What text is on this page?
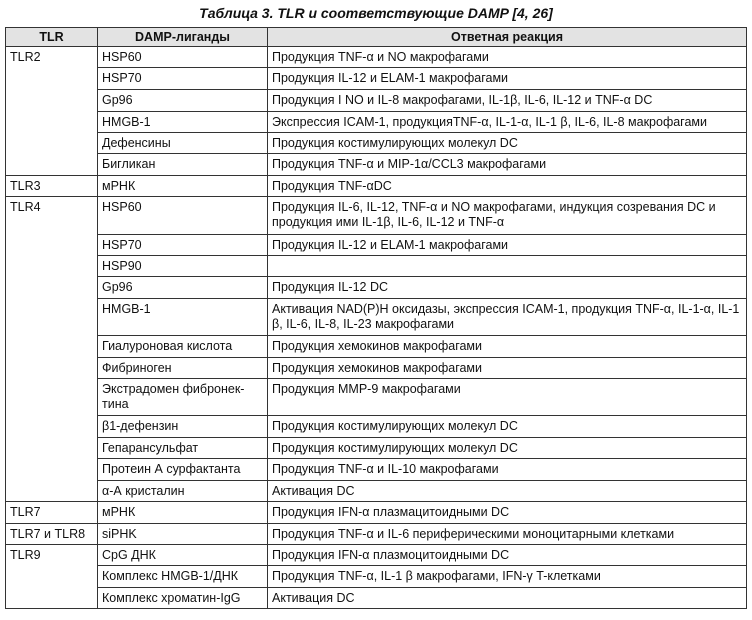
Таблица 3. TLR и соответствующие DAMP [4, 26]
TLR	DAMP-лиганды	Ответная реакция
TLR2	HSP60	Продукция TNF-α и NO макрофагами
	HSP70	Продукция IL-12 и ELAM-1 макрофагами
	Gp96	Продукция I NO и IL-8 макрофагами, IL-1β, IL-6, IL-12 и TNF-α DC
	HMGB-1	Экспрессия ICAM-1, продукцияTNF-α, IL-1-α, IL-1 β, IL-6, IL-8 макрофагами
	Дефенсины	Продукция костимулирующих молекул DC
	Бигликан	Продукция TNF-α и MIP-1α/CCL3 макрофагами
TLR3	мРНК	Продукция TNF-αDC
TLR4	HSP60	Продукция IL-6, IL-12, TNF-α и NO макрофагами, индукция созревания DC и продукция ими IL-1β, IL-6, IL-12 и TNF-α
	HSP70	Продукция IL-12 и ELAM-1 макрофагами
	HSP90	
	Gp96	Продукция IL-12 DC
	HMGB-1	Активация NAD(P)H оксидазы, экспрессия ICAM-1, продукция TNF-α, IL-1-α, IL-1 β, IL-6, IL-8, IL-23 макрофагами
	Гиалуроновая кислота	Продукция хемокинов макрофагами
	Фибриноген	Продукция хемокинов макрофагами
	Экстрадомен фибронек-тина	Продукция MMP-9 макрофагами
	β1-дефензин	Продукция костимулирующих молекул DC
	Гепарансульфат	Продукция костимулирующих молекул DC
	Протеин А сурфактанта	Продукция TNF-α и IL-10 макрофагами
	α-А кристалин	Активация DC
TLR7	мРНК	Продукция IFN-α плазмацитоидными DC
TLR7 и TLR8	siPHK	Продукция TNF-α и IL-6 периферическими моноцитарными клетками
TLR9	CpG ДНК	Продукция IFN-α плазмоцитоидными DC
	Комплекс HMGB-1/ДНК	Продукция TNF-α, IL-1 β макрофагами, IFN-γ T-клетками
	Комплекс хроматин-IgG	Активация DC
